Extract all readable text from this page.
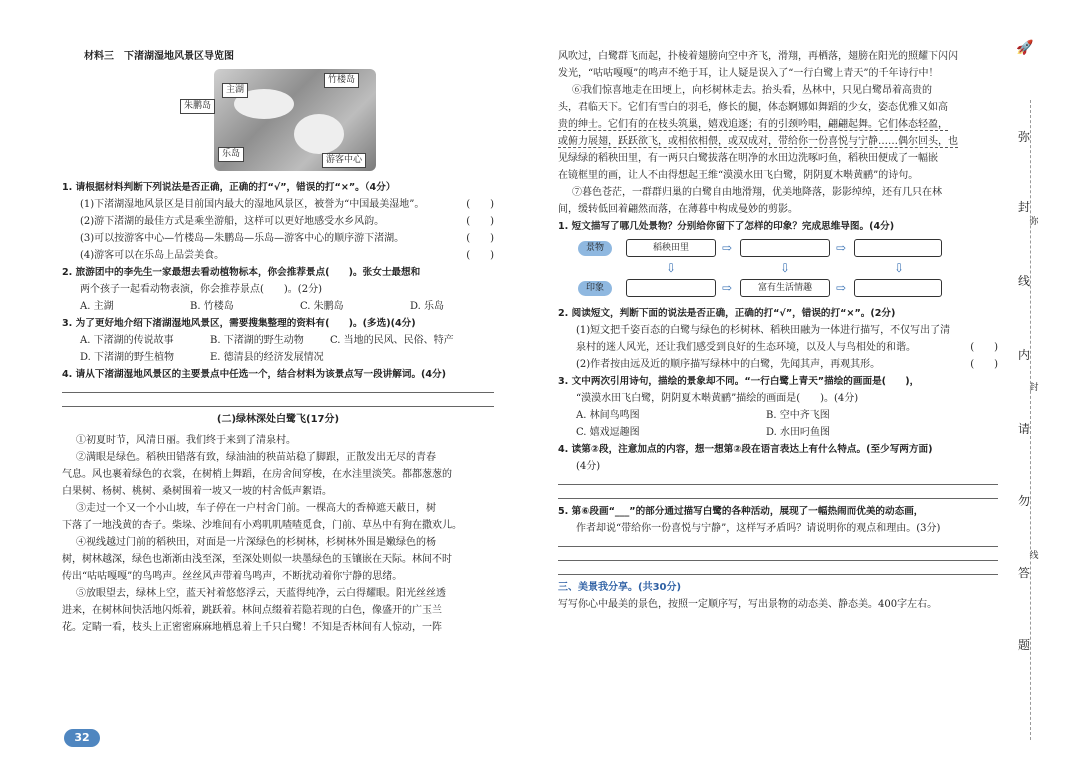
材料三　下渚湖湿地风景区导览图
竹楼岛
主湖
朱鹏岛
乐岛
游客中心
1. 请根据材料判断下列说法是否正确，正确的打“√”，错误的打“×”。（4分）
(1)下渚湖湿地风景区是目前国内最大的湿地风景区，被誉为“中国最美湿地”。	(　　)
(2)游下渚湖的最佳方式是乘坐游船，这样可以更好地感受水乡风韵。	(　　)
(3)可以按游客中心—竹楼岛—朱鹏岛—乐岛—游客中心的顺序游下渚湖。	(　　)
(4)游客可以在乐岛上品尝美食。	(　　)
2. 旅游团中的李先生一家最想去看动植物标本，你会推荐景点(　　)。张女士最想和
两个孩子一起看动物表演，你会推荐景点(　　)。(2分)
A. 主湖	B. 竹楼岛	C. 朱鹏岛	D. 乐岛
3. 为了更好地介绍下渚湖湿地风景区，需要搜集整理的资料有(　　)。(多选)(4分)
A. 下渚湖的传说故事	B. 下渚湖的野生动物	C. 当地的民风、民俗、特产
D. 下渚湖的野生植物	E. 德清县的经济发展情况
4. 请从下渚湖湿地风景区的主要景点中任选一个，结合材料为该景点写一段讲解词。(4分)
(二)绿林深处白鹭飞(17分)
①初夏时节，风清日丽。我们终于来到了清泉村。
②满眼是绿色。稻秧田错落有致，绿油油的秧苗站稳了脚跟，正散发出无尽的青春
气息。风也裹着绿色的衣裳，在树梢上舞蹈，在房舍间穿梭，在水洼里淡笑。都都葱葱的
白果树、杨树、桃树、桑树围着一坡又一坡的村舍低声絮语。
③走过一个又一个小山坡，车子停在一户村舍门前。一棵高大的香樟遮天蔽日，树
下落了一地浅黄的杏子。柴垛、沙堆间有小鸡叽叽喳喳觅食，门前、草丛中有狗在撒欢儿。
④视线越过门前的稻秧田，对面是一片深绿色的杉树林，杉树林外围是嫩绿色的杨
树，树林越深，绿色也渐渐由浅至深，至深处则似一块墨绿色的玉镶嵌在天际。林间不时
传出“咕咕嘎嘎”的鸟鸣声。丝丝风声带着鸟鸣声，不断扰动着你宁静的思绪。
⑤放眼望去，绿林上空，蓝天衬着悠悠浮云，天蓝得纯净，云白得耀眼。阳光丝丝透
进来，在树林间快活地闪烁着，跳跃着。林间点缀着若隐若现的白色，像盛开的广玉兰
花。定睛一看，枝头上正密密麻麻地栖息着上千只白鹭！不知是否林间有人惊动，一阵
32
风吹过，白鹭群飞而起，扑棱着翅膀向空中齐飞，滑翔，再栖落，翅膀在阳光的照耀下闪闪
发光，“咕咕嘎嘎”的鸣声不绝于耳，让人疑是误入了“一行白鹭上青天”的千年诗行中！
⑥我们惊喜地走在田埂上，向杉树林走去。抬头看，丛林中，只见白鹭昂着高贵的
头，君临天下。它们有雪白的羽毛，修长的腿，体态婀娜如舞蹈的少女，姿态优雅又如高
贵的绅士。它们有的在枝头筑巢，嬉戏追逐；有的引颈吟唱，翩翩起舞。它们体态轻盈，
或俯力展翅，跃跃欲飞，或相依相偎，或双成对，带给你一份喜悦与宁静……偶尔回头，也
见绿绿的稻秧田里，有一两只白鹭拔落在明净的水田边洗啄叼鱼，稻秧田便成了一幅嵌
在镜框里的画，让人不由得想起王维“漠漠水田飞白鹭，阴阴夏木啭黄鹂”的诗句。
⑦暮色苍茫，一群群归巢的白鹭自由地滑翔，优美地降落，影影绰绰，还有几只在林
间，缓转低回着翩然而落，在薄暮中构成曼妙的剪影。
1. 短文描写了哪几处景物？分别给你留下了怎样的印象？完成思维导图。(4分)
景物	稻秧田里	⇨	⇨
⇩	⇩	⇩
印象	⇨	富有生活情趣	⇨
2. 阅读短文，判断下面的说法是否正确，正确的打“√”，错误的打“×”。(2分)
(1)短文把千姿百态的白鹭与绿色的杉树林、稻秧田融为一体进行描写，不仅写出了清
泉村的迷人风光，还让我们感受到良好的生态环境，以及人与鸟相处的和谐。	(　　)
(2)作者按由远及近的顺序描写绿林中的白鹭，先闻其声，再观其形。	(　　)
3. 文中两次引用诗句，描绘的景象却不同。“一行白鹭上青天”描绘的画面是(　　)，
“漠漠水田飞白鹭，阴阴夏木啭黄鹂”描绘的画面是(　　)。(4分)
A. 林间鸟鸣图	B. 空中齐飞图
C. 嬉戏逗趣图	D. 水田叼鱼图
4. 读第②段，注意加点的内容，想一想第②段在语言表达上有什么特点。(至少写两方面)
(4分)
5. 第⑥段画“___”的部分通过描写白鹭的各种活动，展现了一幅热闹而优美的动态画，
作者却说“带给你一份喜悦与宁静”，这样写矛盾吗？请说明你的观点和理由。(3分)
三、美景我分享。(共30分)
写写你心中最美的景色，按照一定顺序写，写出景物的动态美、静态美。400字左右。
🚀
弥
封
线
内
请
勿
答
题
弥
封
线
